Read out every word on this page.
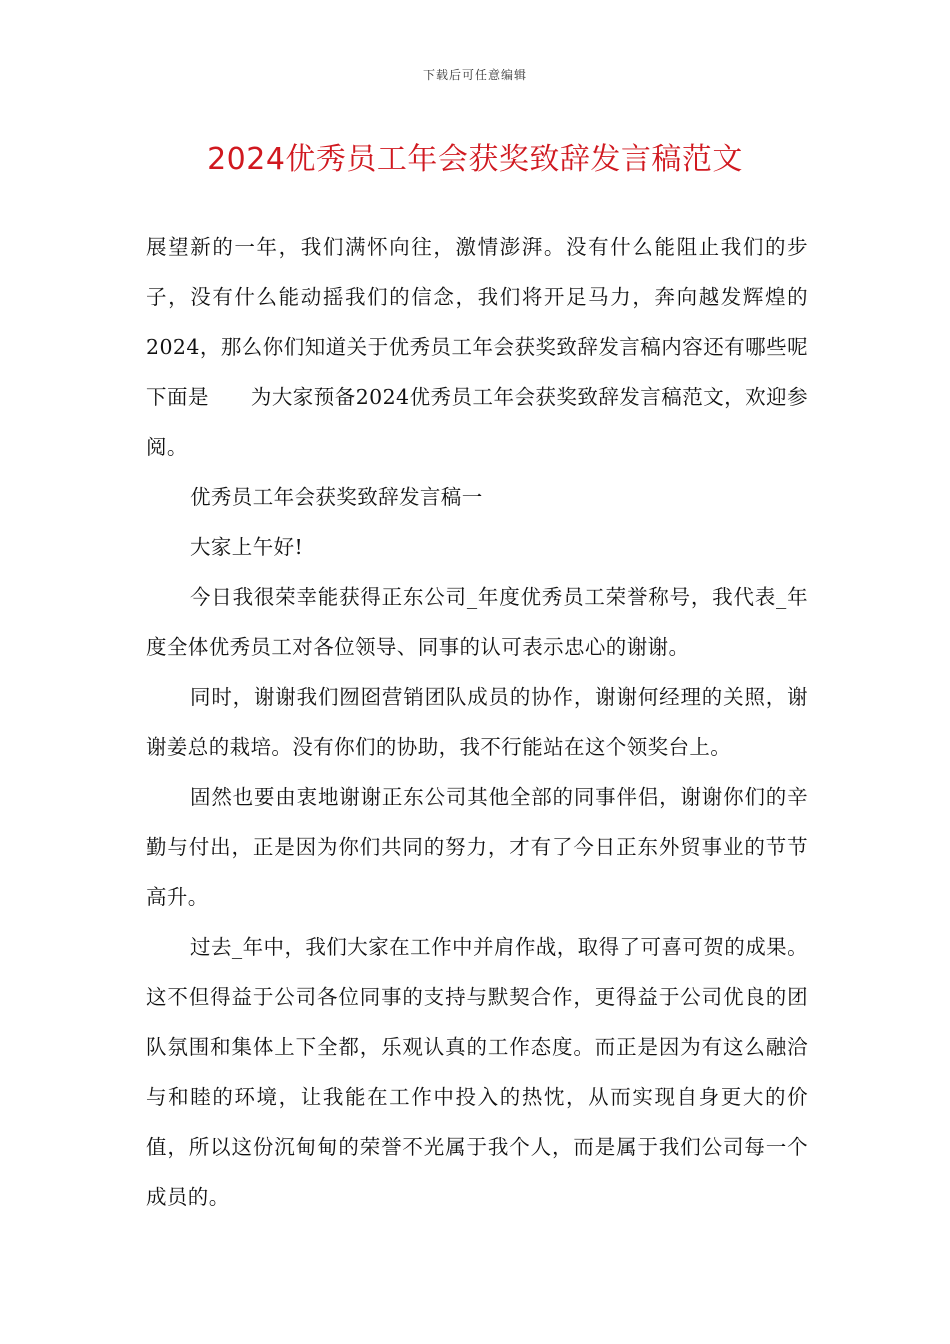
下载后可任意编辑
2024优秀员工年会获奖致辞发言稿范文

展望新的一年，我们满怀向往，激情澎湃。没有什么能阻止我们的步子，没有什么能动摇我们的信念，我们将开足马力，奔向越发辉煌的2024，那么你们知道关于优秀员工年会获奖致辞发言稿内容还有哪些呢下面是　　为大家预备2024优秀员工年会获奖致辞发言稿范文，欢迎参阅。

优秀员工年会获奖致辞发言稿一

大家上午好!

今日我很荣幸能获得正东公司_年度优秀员工荣誉称号，我代表_年度全体优秀员工对各位领导、同事的认可表示忠心的谢谢。

同时，谢谢我们囫囵营销团队成员的协作，谢谢何经理的关照，谢谢姜总的栽培。没有你们的协助，我不行能站在这个领奖台上。

固然也要由衷地谢谢正东公司其他全部的同事伴侣，谢谢你们的辛勤与付出，正是因为你们共同的努力，才有了今日正东外贸事业的节节高升。

过去_年中，我们大家在工作中并肩作战，取得了可喜可贺的成果。这不但得益于公司各位同事的支持与默契合作，更得益于公司优良的团队氛围和集体上下全都，乐观认真的工作态度。而正是因为有这么融洽与和睦的环境，让我能在工作中投入的热忱，从而实现自身更大的价值，所以这份沉甸甸的荣誉不光属于我个人，而是属于我们公司每一个成员的。
